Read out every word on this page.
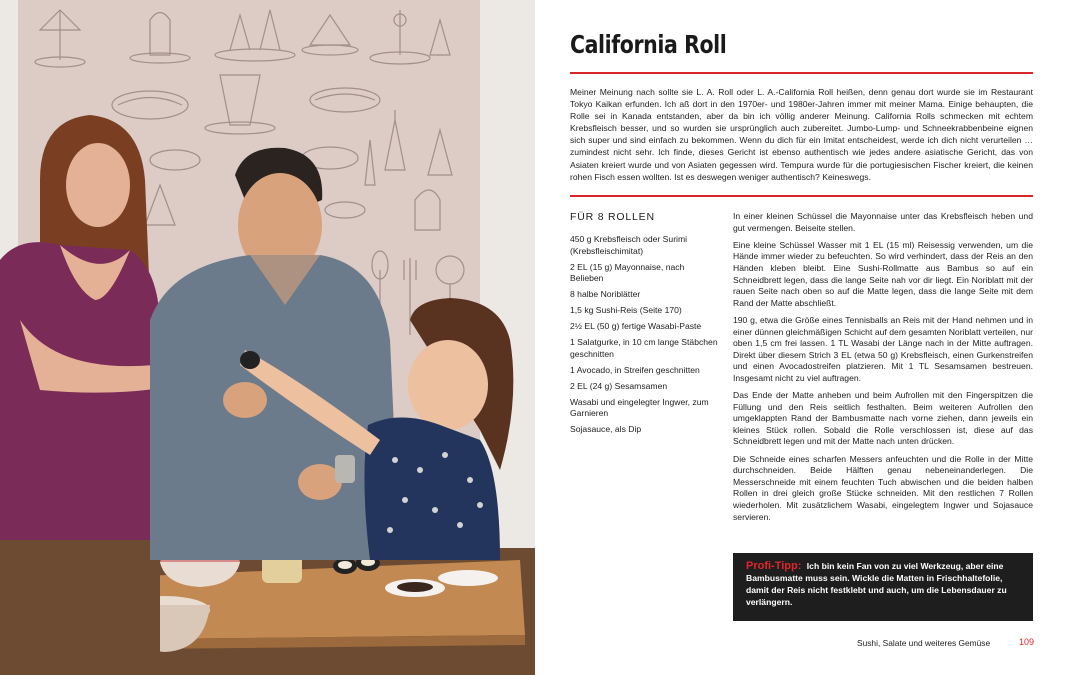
California Roll
Meiner Meinung nach sollte sie L. A. Roll oder L. A.-California Roll heißen, denn genau dort wurde sie im Restaurant Tokyo Kaikan erfunden. Ich aß dort in den 1970er- und 1980er-Jahren immer mit meiner Mama. Einige behaupten, die Rolle sei in Kanada entstanden, aber da bin ich völlig anderer Meinung. California Rolls schmecken mit echtem Krebsfleisch besser, und so wurden sie ursprünglich auch zubereitet. Jumbo-Lump- und Schneekrabbenbeine eignen sich super und sind einfach zu bekommen. Wenn du dich für ein Imitat entscheidest, werde ich dich nicht verurteilen … zumindest nicht sehr. Ich finde, dieses Gericht ist ebenso authentisch wie jedes andere asiatische Gericht, das von Asiaten kreiert wurde und von Asiaten gegessen wird. Tempura wurde für die portugiesischen Fischer kreiert, die keinen rohen Fisch essen wollten. Ist es deswegen weniger authentisch? Keineswegs.
FÜR 8 ROLLEN
450 g Krebsfleisch oder Surimi (Krebsfleischimitat)
2 EL (15 g) Mayonnaise, nach Belieben
8 halbe Noriblätter
1,5 kg Sushi-Reis (Seite 170)
2½ EL (50 g) fertige Wasabi-Paste
1 Salatgurke, in 10 cm lange Stäbchen geschnitten
1 Avocado, in Streifen geschnitten
2 EL (24 g) Sesamsamen
Wasabi und eingelegter Ingwer, zum Garnieren
Sojasauce, als Dip

In einer kleinen Schüssel die Mayonnaise unter das Krebsfleisch heben und gut vermengen. Beiseite stellen.

Eine kleine Schüssel Wasser mit 1 EL (15 ml) Reisessig verwenden, um die Hände immer wieder zu befeuchten. So wird verhindert, dass der Reis an den Händen kleben bleibt. Eine Sushi-Rollmatte aus Bambus so auf ein Schneidbrett legen, dass die lange Seite nah vor dir liegt. Ein Noriblatt mit der rauen Seite nach oben so auf die Matte legen, dass die lange Seite mit dem Rand der Matte abschließt.

190 g, etwa die Größe eines Tennisballs an Reis mit der Hand nehmen und in einer dünnen gleichmäßigen Schicht auf dem gesamten Noriblatt verteilen, nur oben 1,5 cm frei lassen. 1 TL Wasabi der Länge nach in der Mitte auftragen. Direkt über diesem Strich 3 EL (etwa 50 g) Krebsfleisch, einen Gurkenstreifen und einen Avocadostreifen platzieren. Mit 1 TL Sesamsamen bestreuen. Insgesamt nicht zu viel auftragen.

Das Ende der Matte anheben und beim Aufrollen mit den Fingerspitzen die Füllung und den Reis seitlich festhalten. Beim weiteren Aufrollen den umgeklappten Rand der Bambusmatte nach vorne ziehen, dann jeweils ein kleines Stück rollen. Sobald die Rolle verschlossen ist, diese auf das Schneidbrett legen und mit der Matte nach unten drücken.

Die Schneide eines scharfen Messers anfeuchten und die Rolle in der Mitte durchschneiden. Beide Hälften genau nebeneinanderlegen. Die Messerschneide mit einem feuchten Tuch abwischen und die beiden halben Rollen in drei gleich große Stücke schneiden. Mit den restlichen 7 Rollen wiederholen. Mit zusätzlichem Wasabi, eingelegtem Ingwer und Sojasauce servieren.

Profi-Tipp: Ich bin kein Fan von zu viel Werkzeug, aber eine Bambusmatte muss sein. Wickle die Matten in Frischhaltefolie, damit der Reis nicht festklebt und auch, um die Lebensdauer zu verlängern.
Sushi, Salate und weiteres Gemüse	109
